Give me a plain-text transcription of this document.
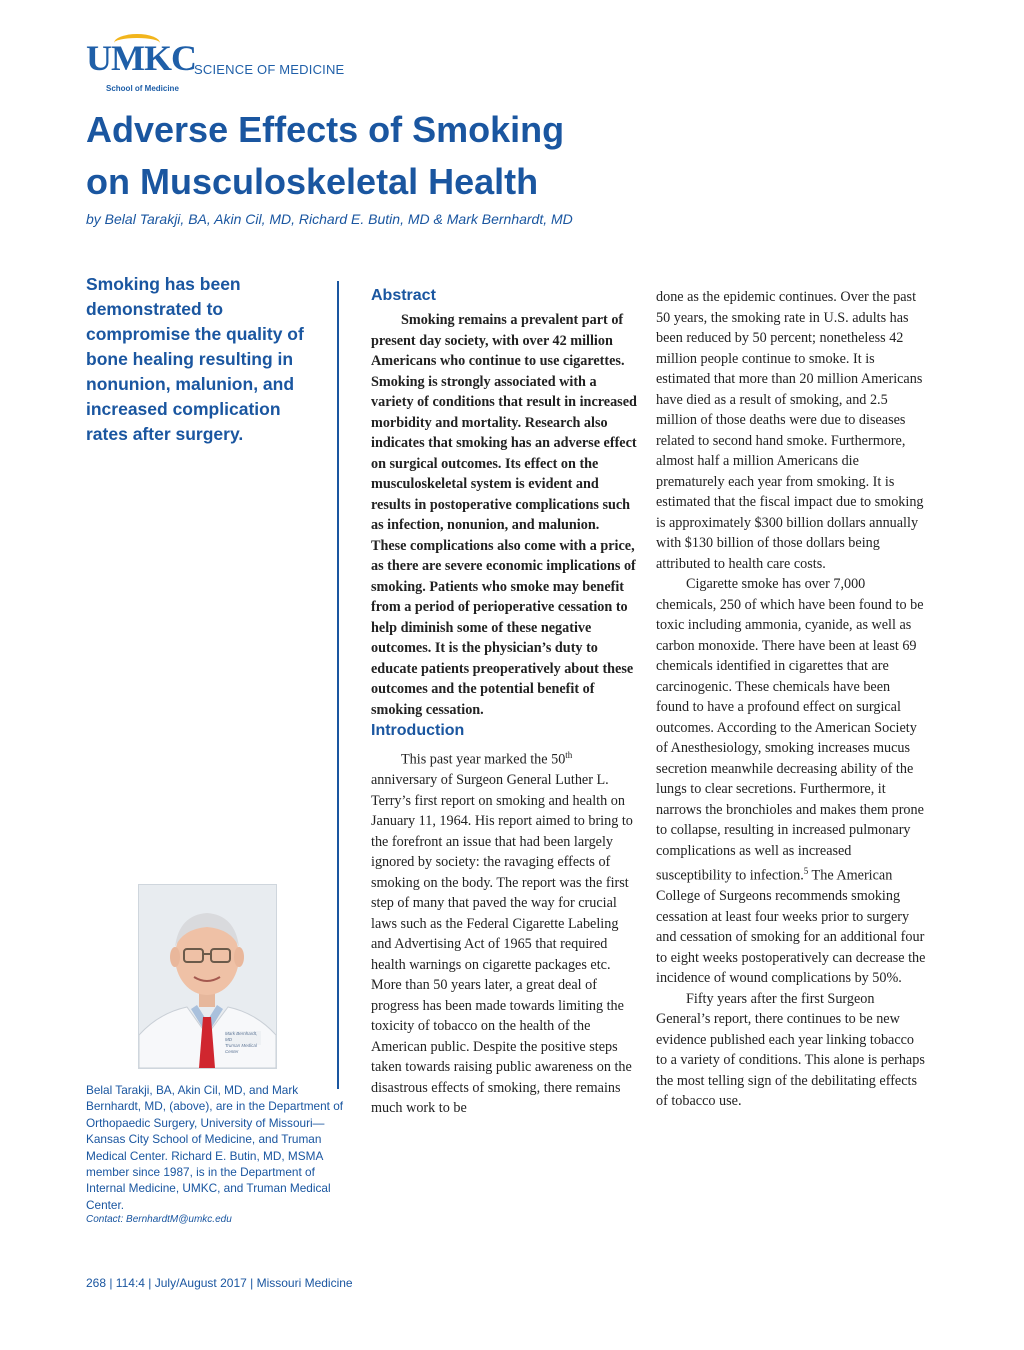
UMKC
School of Medicine
SCIENCE OF MEDICINE
Adverse Effects of Smoking
on Musculoskeletal Health
by Belal Tarakji, BA, Akin Cil, MD, Richard E. Butin, MD & Mark Bernhardt, MD

Smoking has been demonstrated to compromise the quality of bone healing resulting in nonunion, malunion, and increased complication rates after surgery.

Mark Bernhardt, MD
Truman Medical Center

Belal Tarakji, BA, Akin Cil, MD, and Mark Bernhardt, MD, (above), are in the Department of Orthopaedic Surgery, University of Missouri—Kansas City School of Medicine, and Truman Medical Center. Richard E. Butin, MD, MSMA member since 1987, is in the Department of Internal Medicine, UMKC, and Truman Medical Center.

Contact: BernhardtM@umkc.edu
Abstract

Smoking remains a prevalent part of present day society, with over 42 million Americans who continue to use cigarettes. Smoking is strongly associated with a variety of conditions that result in increased morbidity and mortality. Research also indicates that smoking has an adverse effect on surgical outcomes. Its effect on the musculoskeletal system is evident and results in postoperative complications such as infection, nonunion, and malunion. These complications also come with a price, as there are severe economic implications of smoking. Patients who smoke may benefit from a period of perioperative cessation to help diminish some of these negative outcomes. It is the physician’s duty to educate patients preoperatively about these outcomes and the potential benefit of smoking cessation.

Introduction

This past year marked the 50th anniversary of Surgeon General Luther L. Terry’s first report on smoking and health on January 11, 1964. His report aimed to bring to the forefront an issue that had been largely ignored by society: the ravaging effects of smoking on the body. The report was the first step of many that paved the way for crucial laws such as the Federal Cigarette Labeling and Advertising Act of 1965 that required health warnings on cigarette packages etc. More than 50 years later, a great deal of progress has been made towards limiting the toxicity of tobacco on the health of the American public. Despite the positive steps taken towards raising public awareness on the disastrous effects of smoking, there remains much work to be

done as the epidemic continues. Over the past 50 years, the smoking rate in U.S. adults has been reduced by 50 percent; nonetheless 42 million people continue to smoke. It is estimated that more than 20 million Americans have died as a result of smoking, and 2.5 million of those deaths were due to diseases related to second hand smoke. Furthermore, almost half a million Americans die prematurely each year from smoking. It is estimated that the fiscal impact due to smoking is approximately $300 billion dollars annually with $130 billion of those dollars being attributed to health care costs.

Cigarette smoke has over 7,000 chemicals, 250 of which have been found to be toxic including ammonia, cyanide, as well as carbon monoxide. There have been at least 69 chemicals identified in cigarettes that are carcinogenic. These chemicals have been found to have a profound effect on surgical outcomes. According to the American Society of Anesthesiology, smoking increases mucus secretion meanwhile decreasing ability of the lungs to clear secretions. Furthermore, it narrows the bronchioles and makes them prone to collapse, resulting in increased pulmonary complications as well as increased susceptibility to infection.$^5$ The American College of Surgeons recommends smoking cessation at least four weeks prior to surgery and cessation of smoking for an additional four to eight weeks postoperatively can decrease the incidence of wound complications by 50%.

Fifty years after the first Surgeon General’s report, there continues to be new evidence published each year linking tobacco to a variety of conditions. This alone is perhaps the most telling sign of the debilitating effects of tobacco use.

268 | 114:4 | July/August 2017 | Missouri Medicine
